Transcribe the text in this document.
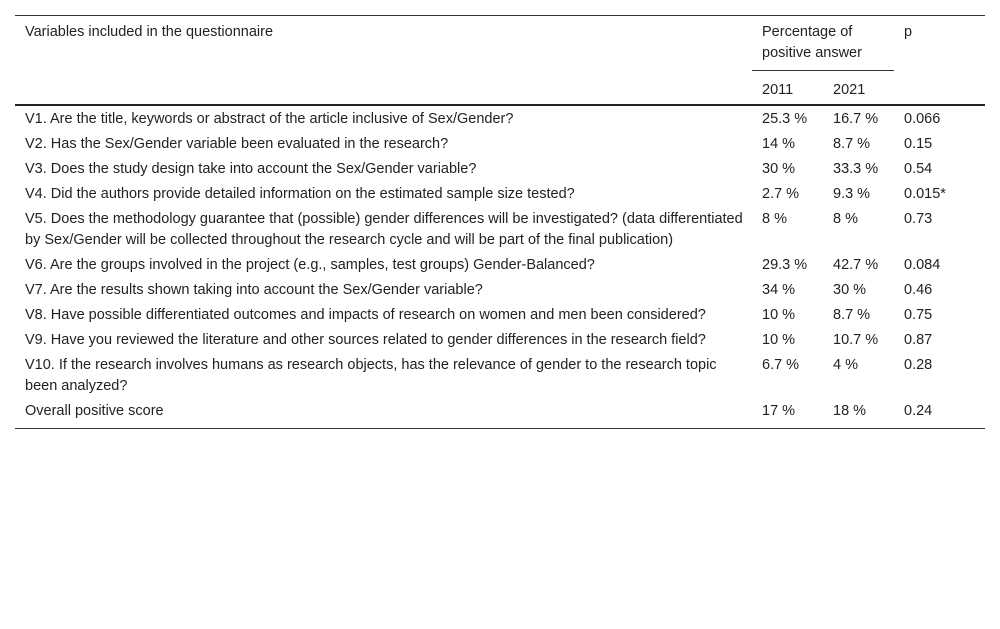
Variables included in the questionnaire	Percentage of positive answer		p
	2011	2021	
V1. Are the title, keywords or abstract of the article inclusive of Sex/Gender?	25.3 %	16.7 %	0.066
V2. Has the Sex/Gender variable been evaluated in the research?	14 %	8.7 %	0.15
V3. Does the study design take into account the Sex/Gender variable?	30 %	33.3 %	0.54
V4. Did the authors provide detailed information on the estimated sample size tested?	2.7 %	9.3 %	0.015*
V5. Does the methodology guarantee that (possible) gender differences will be investigated? (data differentiated by Sex/Gender will be collected throughout the research cycle and will be part of the final publication)	8 %	8 %	0.73
V6. Are the groups involved in the project (e.g., samples, test groups) Gender-Balanced?	29.3 %	42.7 %	0.084
V7. Are the results shown taking into account the Sex/Gender variable?	34 %	30 %	0.46
V8. Have possible differentiated outcomes and impacts of research on women and men been considered?	10 %	8.7 %	0.75
V9. Have you reviewed the literature and other sources related to gender differences in the research field?	10 %	10.7 %	0.87
V10. If the research involves humans as research objects, has the relevance of gender to the research topic been analyzed?	6.7 %	4 %	0.28
Overall positive score	17 %	18 %	0.24
